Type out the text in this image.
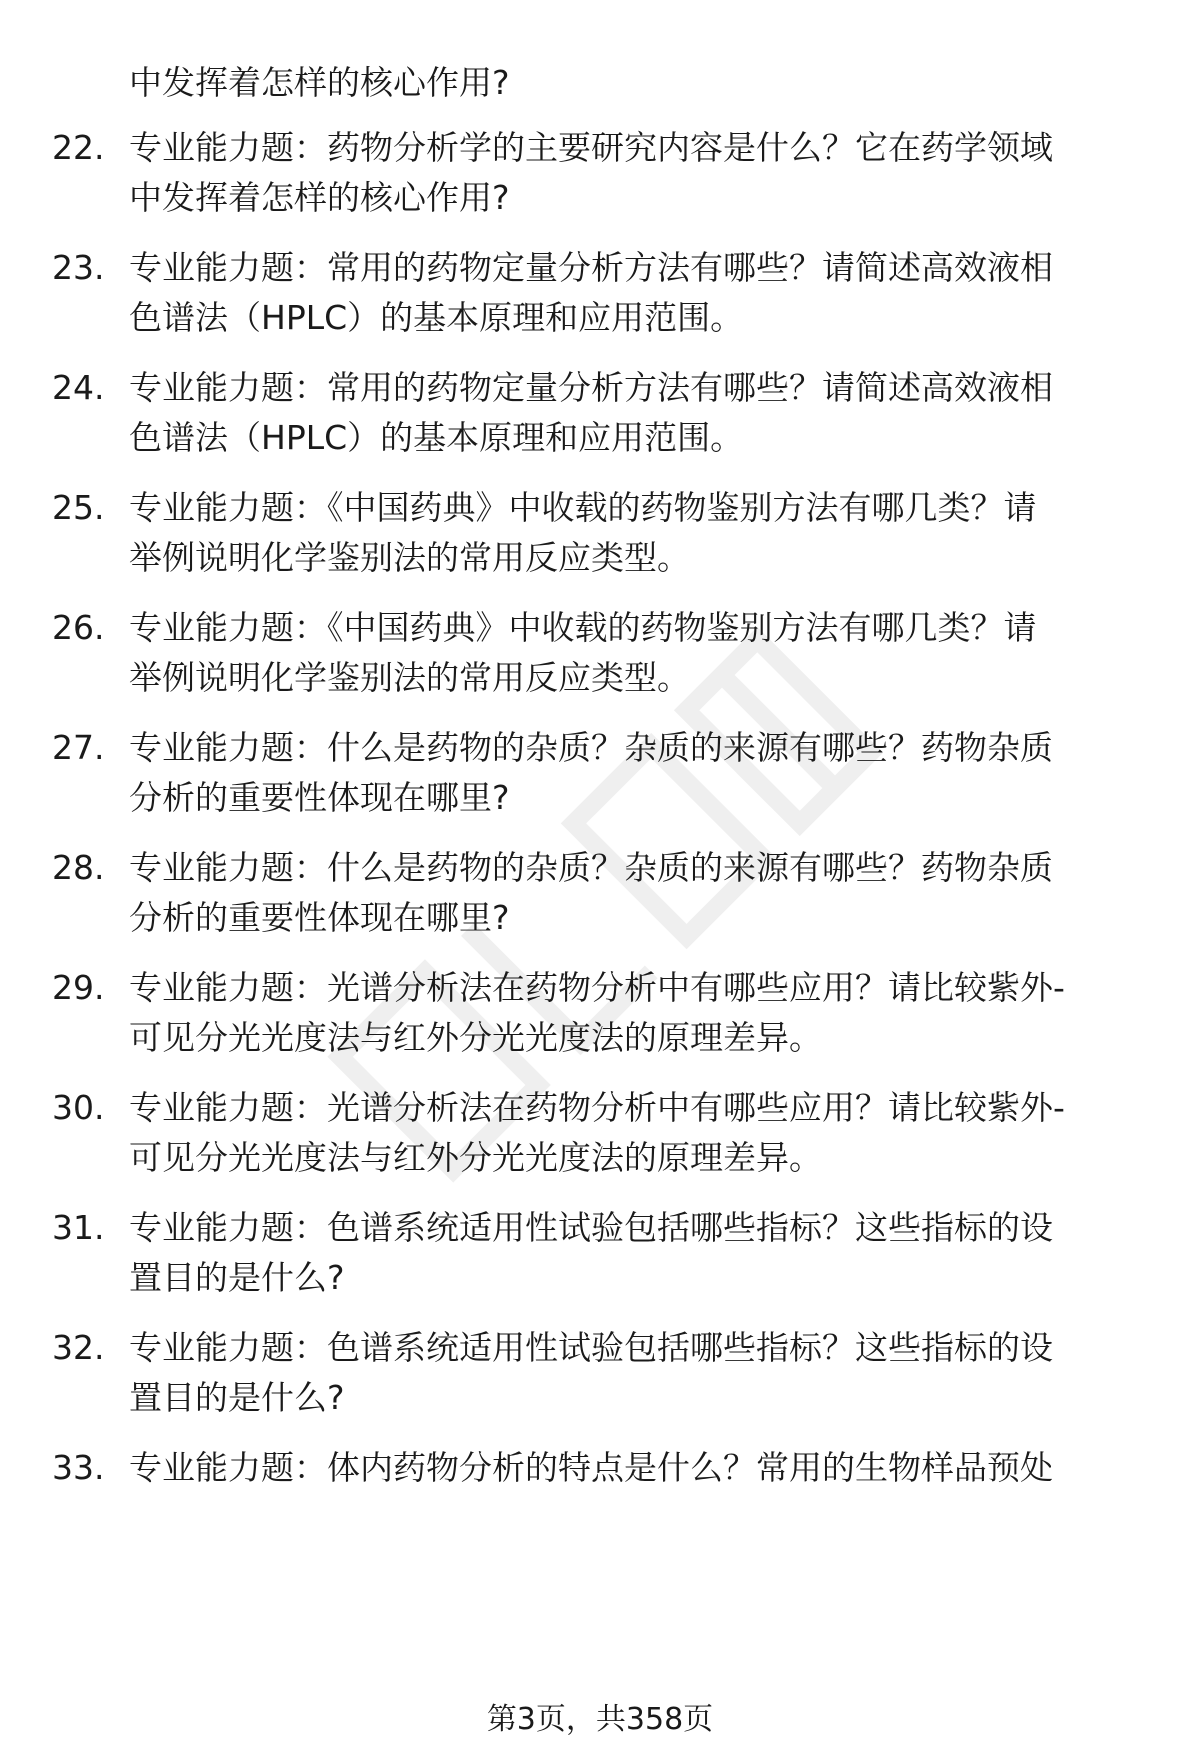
中发挥着怎样的核心作用?
22. 专业能力题：药物分析学的主要研究内容是什么？它在药学领域
中发挥着怎样的核心作用?
23. 专业能力题：常用的药物定量分析方法有哪些？请简述高效液相
色谱法（HPLC）的基本原理和应用范围。
24. 专业能力题：常用的药物定量分析方法有哪些？请简述高效液相
色谱法（HPLC）的基本原理和应用范围。
25. 专业能力题：《中国药典》中收载的药物鉴别方法有哪几类？请
举例说明化学鉴别法的常用反应类型。
26. 专业能力题：《中国药典》中收载的药物鉴别方法有哪几类？请
举例说明化学鉴别法的常用反应类型。
27. 专业能力题：什么是药物的杂质？杂质的来源有哪些？药物杂质
分析的重要性体现在哪里?
28. 专业能力题：什么是药物的杂质？杂质的来源有哪些？药物杂质
分析的重要性体现在哪里?
29. 专业能力题：光谱分析法在药物分析中有哪些应用？请比较紫外-
可见分光光度法与红外分光光度法的原理差异。
30. 专业能力题：光谱分析法在药物分析中有哪些应用？请比较紫外-
可见分光光度法与红外分光光度法的原理差异。
31. 专业能力题：色谱系统适用性试验包括哪些指标？这些指标的设
置目的是什么?
32. 专业能力题：色谱系统适用性试验包括哪些指标？这些指标的设
置目的是什么?
33. 专业能力题：体内药物分析的特点是什么？常用的生物样品预处
第3页，共358页
